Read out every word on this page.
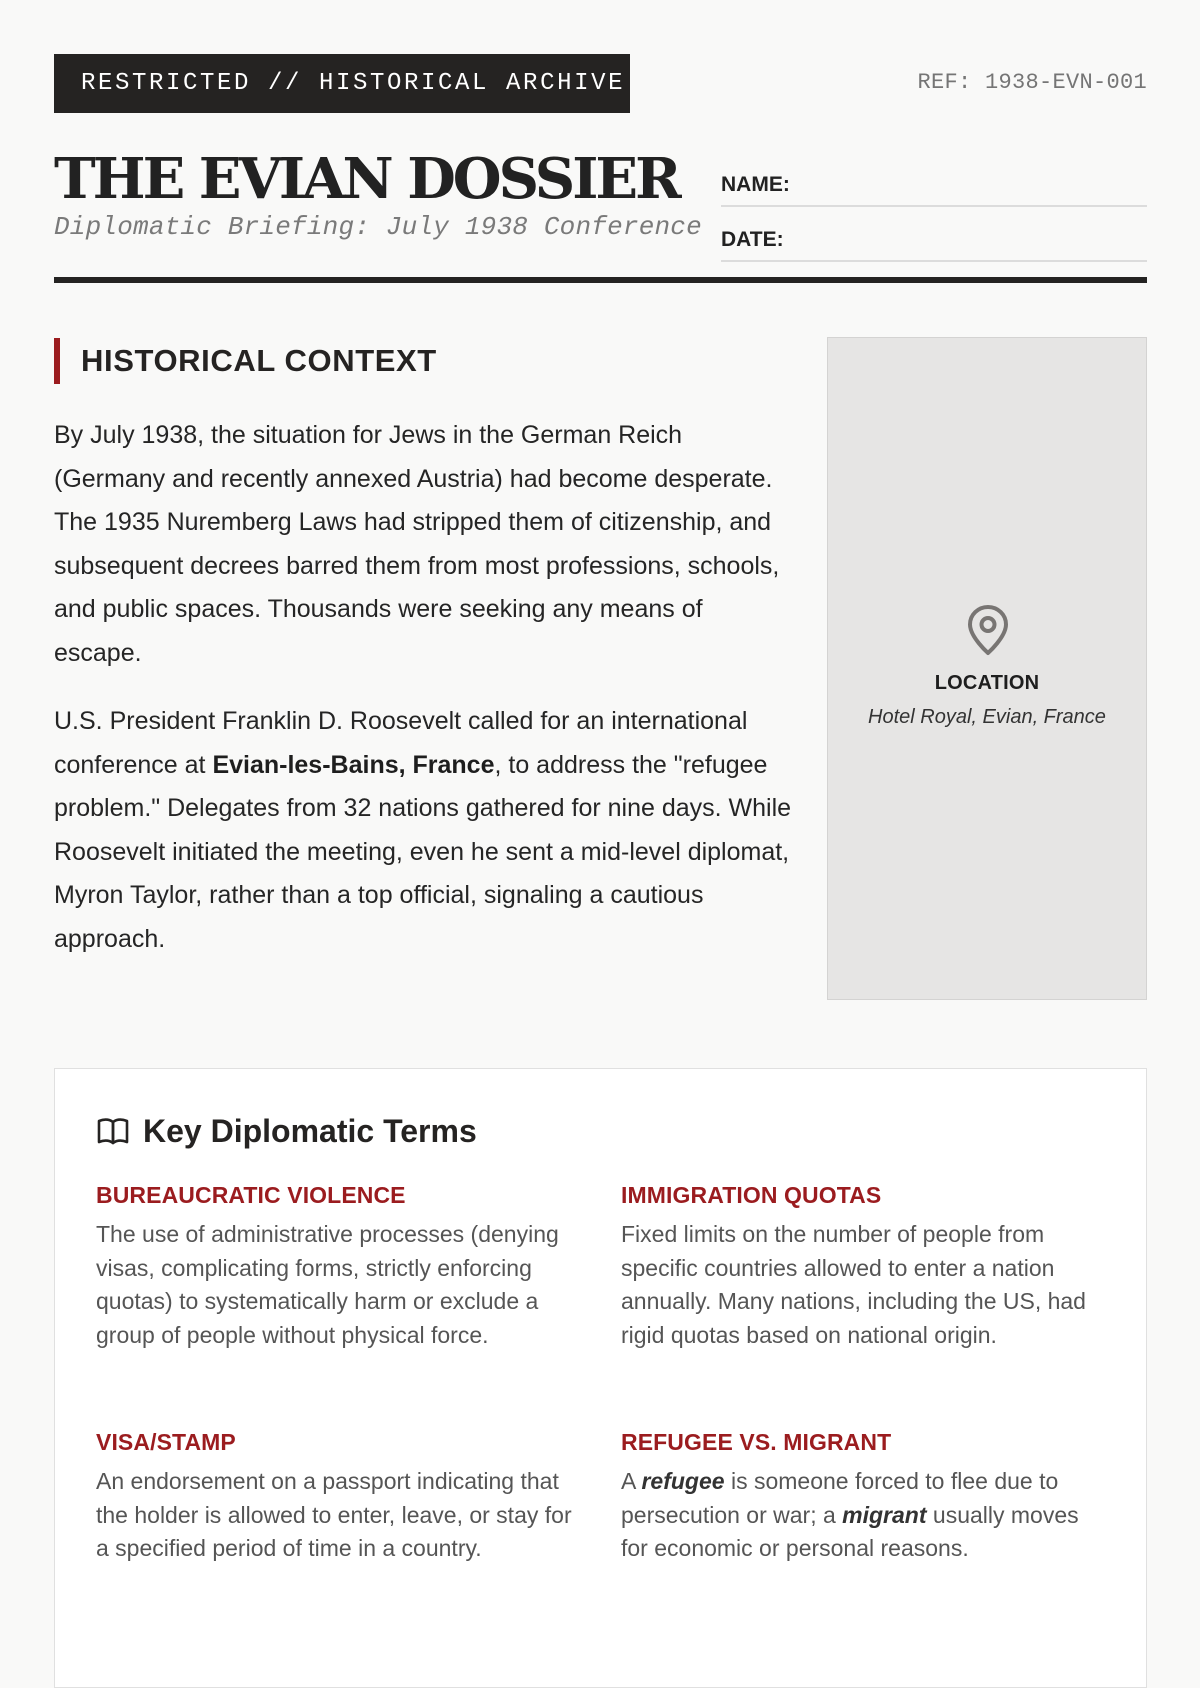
RESTRICTED // HISTORICAL ARCHIVE	REF: 1938-EVN-001
THE EVIAN DOSSIER
Diplomatic Briefing: July 1938 Conference
NAME:
DATE:
HISTORICAL CONTEXT

By July 1938, the situation for Jews in the German Reich (Germany and recently annexed Austria) had become desperate. The 1935 Nuremberg Laws had stripped them of citizenship, and subsequent decrees barred them from most professions, schools, and public spaces. Thousands were seeking any means of escape.

U.S. President Franklin D. Roosevelt called for an international conference at Evian-les-Bains, France, to address the "refugee problem." Delegates from 32 nations gathered for nine days. While Roosevelt initiated the meeting, even he sent a mid-level diplomat, Myron Taylor, rather than a top official, signaling a cautious approach.

LOCATION
Hotel Royal, Evian, France
Key Diplomatic Terms
BUREAUCRATIC VIOLENCE
The use of administrative processes (denying visas, complicating forms, strictly enforcing quotas) to systematically harm or exclude a group of people without physical force.
IMMIGRATION QUOTAS
Fixed limits on the number of people from specific countries allowed to enter a nation annually. Many nations, including the US, had rigid quotas based on national origin.
VISA/STAMP
An endorsement on a passport indicating that the holder is allowed to enter, leave, or stay for a specified period of time in a country.
REFUGEE VS. MIGRANT
A refugee is someone forced to flee due to persecution or war; a migrant usually moves for economic or personal reasons.
